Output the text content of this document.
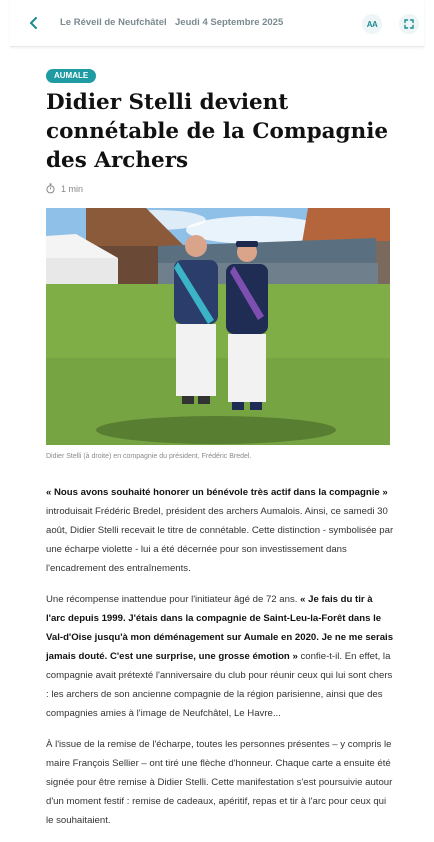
Le Réveil de Neufchâtel Jeudi 4 Septembre 2025	AA
AUMALE
Didier Stelli devient connétable de la Compagnie des Archers
1 min
Didier Stelli (à droite) en compagnie du président, Frédéric Bredel.

« Nous avons souhaité honorer un bénévole très actif dans la compagnie » introduisait Frédéric Bredel, président des archers Aumalois. Ainsi, ce samedi 30 août, Didier Stelli recevait le titre de connétable. Cette distinction - symbolisée par une écharpe violette - lui a été décernée pour son investissement dans l'encadrement des entraînements.

Une récompense inattendue pour l'initiateur âgé de 72 ans. « Je fais du tir à l'arc depuis 1999. J'étais dans la compagnie de Saint-Leu-la-Forêt dans le Val-d'Oise jusqu'à mon déménagement sur Aumale en 2020. Je ne me serais jamais douté. C'est une surprise, une grosse émotion » confie-t-il. En effet, la compagnie avait prétexté l'anniversaire du club pour réunir ceux qui lui sont chers : les archers de son ancienne compagnie de la région parisienne, ainsi que des compagnies amies à l'image de Neufchâtel, Le Havre...

À l'issue de la remise de l'écharpe, toutes les personnes présentes – y compris le maire François Sellier – ont tiré une flèche d'honneur. Chaque carte a ensuite été signée pour être remise à Didier Stelli. Cette manifestation s'est poursuivie autour d'un moment festif : remise de cadeaux, apéritif, repas et tir à l'arc pour ceux qui le souhaitaient.
